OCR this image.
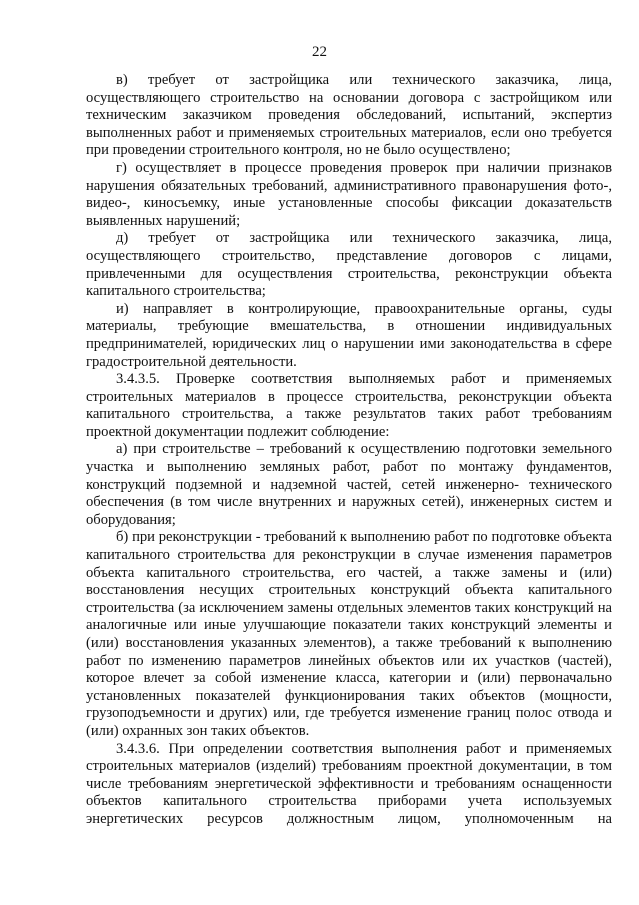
22

в) требует от застройщика или технического заказчика, лица, осуществляющего строительство на основании договора с застройщиком или техническим заказчиком проведения обследований, испытаний, экспертиз выполненных работ и применяемых строительных материалов, если оно требуется при проведении строительного контроля, но не было осуществлено;

г) осуществляет в процессе проведения проверок при наличии признаков нарушения обязательных требований, административного правонарушения фото-, видео-, киносъемку, иные установленные способы фиксации доказательств выявленных нарушений;

д) требует от застройщика или технического заказчика, лица, осуществляющего строительство, представление договоров с лицами, привлеченными для осуществления строительства, реконструкции объекта капитального строительства;

и) направляет в контролирующие, правоохранительные органы, суды материалы, требующие вмешательства, в отношении индивидуальных предпринимателей, юридических лиц о нарушении ими законодательства в сфере градостроительной деятельности.

3.4.3.5. Проверке соответствия выполняемых работ и применяемых строительных материалов в процессе строительства, реконструкции объекта капитального строительства, а также результатов таких работ требованиям проектной документации подлежит соблюдение:

а) при строительстве – требований к осуществлению подготовки земельного участка и выполнению земляных работ, работ по монтажу фундаментов, конструкций подземной и надземной частей, сетей инженерно- технического обеспечения (в том числе внутренних и наружных сетей), инженерных систем и оборудования;

б) при реконструкции - требований к выполнению работ по подготовке объекта капитального строительства для реконструкции в случае изменения параметров объекта капитального строительства, его частей, а также замены и (или) восстановления несущих строительных конструкций объекта капитального строительства (за исключением замены отдельных элементов таких конструкций на аналогичные или иные улучшающие показатели таких конструкций элементы и (или) восстановления указанных элементов), а также требований к выполнению работ по изменению параметров линейных объектов или их участков (частей), которое влечет за собой изменение класса, категории и (или) первоначально установленных показателей функционирования таких объектов (мощности, грузоподъемности и других) или, где требуется изменение границ полос отвода и (или) охранных зон таких объектов.

3.4.3.6. При определении соответствия выполнения работ и применяемых строительных материалов (изделий) требованиям проектной документации, в том числе требованиям энергетической эффективности и требованиям оснащенности объектов капитального строительства приборами учета используемых энергетических ресурсов должностным лицом, уполномоченным на
